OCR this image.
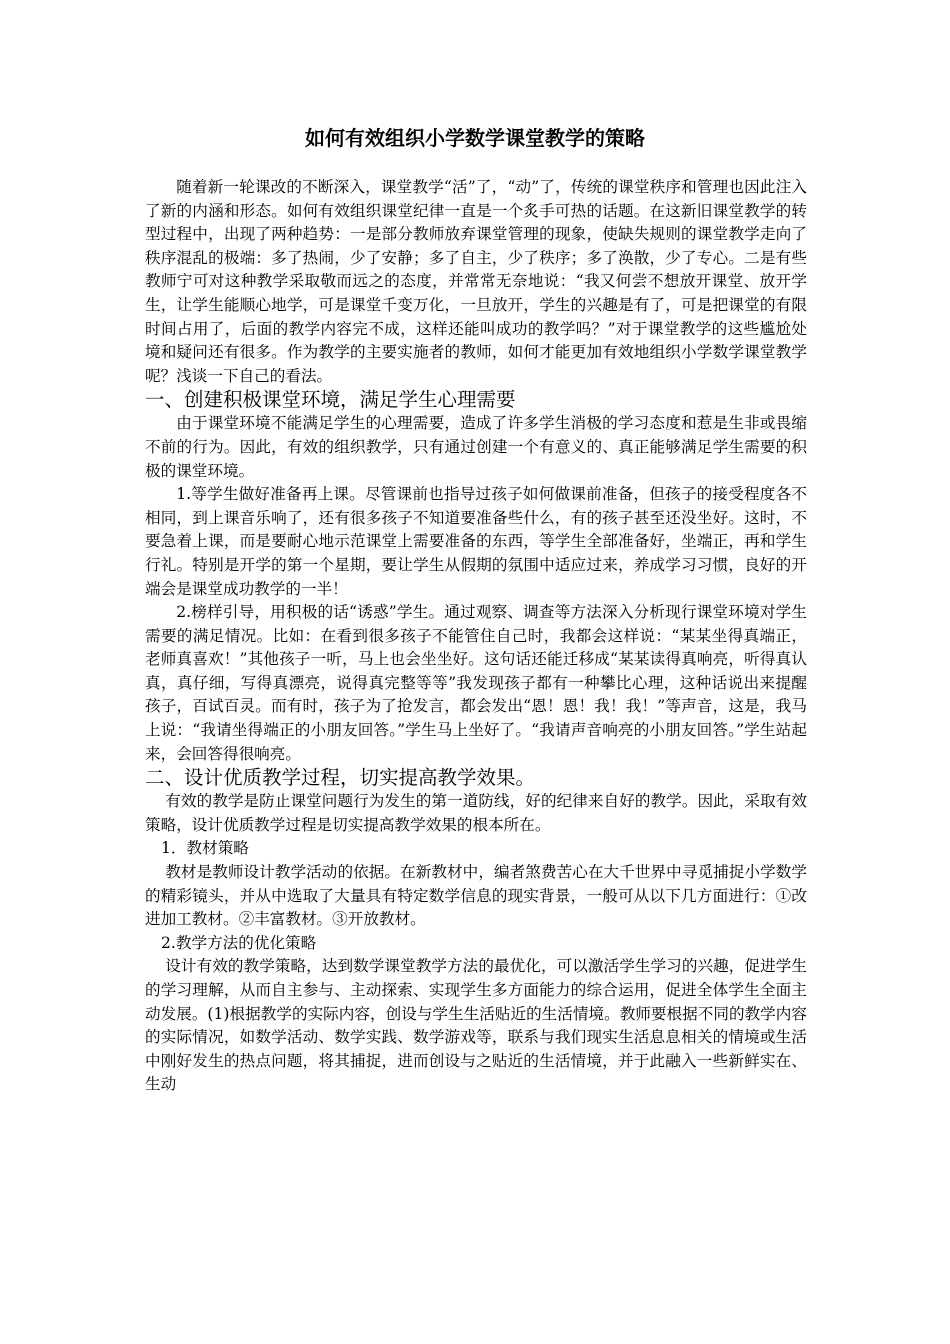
如何有效组织小学数学课堂教学的策略

随着新一轮课改的不断深入，课堂教学“活”了，“动”了，传统的课堂秩序和管理也因此注入了新的内涵和形态。如何有效组织课堂纪律一直是一个炙手可热的话题。在这新旧课堂教学的转型过程中，出现了两种趋势：一是部分教师放弃课堂管理的现象，使缺失规则的课堂教学走向了秩序混乱的极端：多了热闹，少了安静；多了自主，少了秩序；多了涣散，少了专心。二是有些教师宁可对这种教学采取敬而远之的态度，并常常无奈地说：“我又何尝不想放开课堂、放开学生，让学生能顺心地学，可是课堂千变万化，一旦放开，学生的兴趣是有了，可是把课堂的有限时间占用了，后面的教学内容完不成，这样还能叫成功的教学吗？”对于课堂教学的这些尴尬处境和疑问还有很多。作为教学的主要实施者的教师，如何才能更加有效地组织小学数学课堂教学呢？浅谈一下自己的看法。

一、创建积极课堂环境，满足学生心理需要

由于课堂环境不能满足学生的心理需要，造成了许多学生消极的学习态度和惹是生非或畏缩不前的行为。因此，有效的组织教学，只有通过创建一个有意义的、真正能够满足学生需要的积极的课堂环境。

1.等学生做好准备再上课。尽管课前也指导过孩子如何做课前准备，但孩子的接受程度各不相同，到上课音乐响了，还有很多孩子不知道要准备些什么，有的孩子甚至还没坐好。这时，不要急着上课，而是要耐心地示范课堂上需要准备的东西，等学生全部准备好，坐端正，再和学生行礼。特别是开学的第一个星期，要让学生从假期的氛围中适应过来，养成学习习惯，良好的开端会是课堂成功教学的一半！

2.榜样引导，用积极的话“诱惑”学生。通过观察、调查等方法深入分析现行课堂环境对学生需要的满足情况。比如：在看到很多孩子不能管住自己时，我都会这样说：“某某坐得真端正，老师真喜欢！”其他孩子一听，马上也会坐坐好。这句话还能迁移成“某某读得真响亮，听得真认真，真仔细，写得真漂亮，说得真完整等等”我发现孩子都有一种攀比心理，这种话说出来提醒孩子，百试百灵。而有时，孩子为了抢发言，都会发出“恩！恩！我！我！”等声音，这是，我马上说：“我请坐得端正的小朋友回答。”学生马上坐好了。“我请声音响亮的小朋友回答。”学生站起来，会回答得很响亮。

二、设计优质教学过程，切实提高教学效果。

有效的教学是防止课堂问题行为发生的第一道防线，好的纪律来自好的教学。因此，采取有效策略，设计优质教学过程是切实提高教学效果的根本所在。

1．教材策略

教材是教师设计教学活动的依据。在新教材中，编者煞费苦心在大千世界中寻觅捕捉小学数学的精彩镜头，并从中选取了大量具有特定数学信息的现实背景，一般可从以下几方面进行：①改进加工教材。②丰富教材。③开放教材。

2.教学方法的优化策略

设计有效的教学策略，达到数学课堂教学方法的最优化，可以激活学生学习的兴趣，促进学生的学习理解，从而自主参与、主动探索、实现学生多方面能力的综合运用，促进全体学生全面主动发展。(1)根据教学的实际内容，创设与学生生活贴近的生活情境。教师要根据不同的教学内容的实际情况，如数学活动、数学实践、数学游戏等，联系与我们现实生活息息相关的情境或生活中刚好发生的热点问题，将其捕捉，进而创设与之贴近的生活情境，并于此融入一些新鲜实在、生动
